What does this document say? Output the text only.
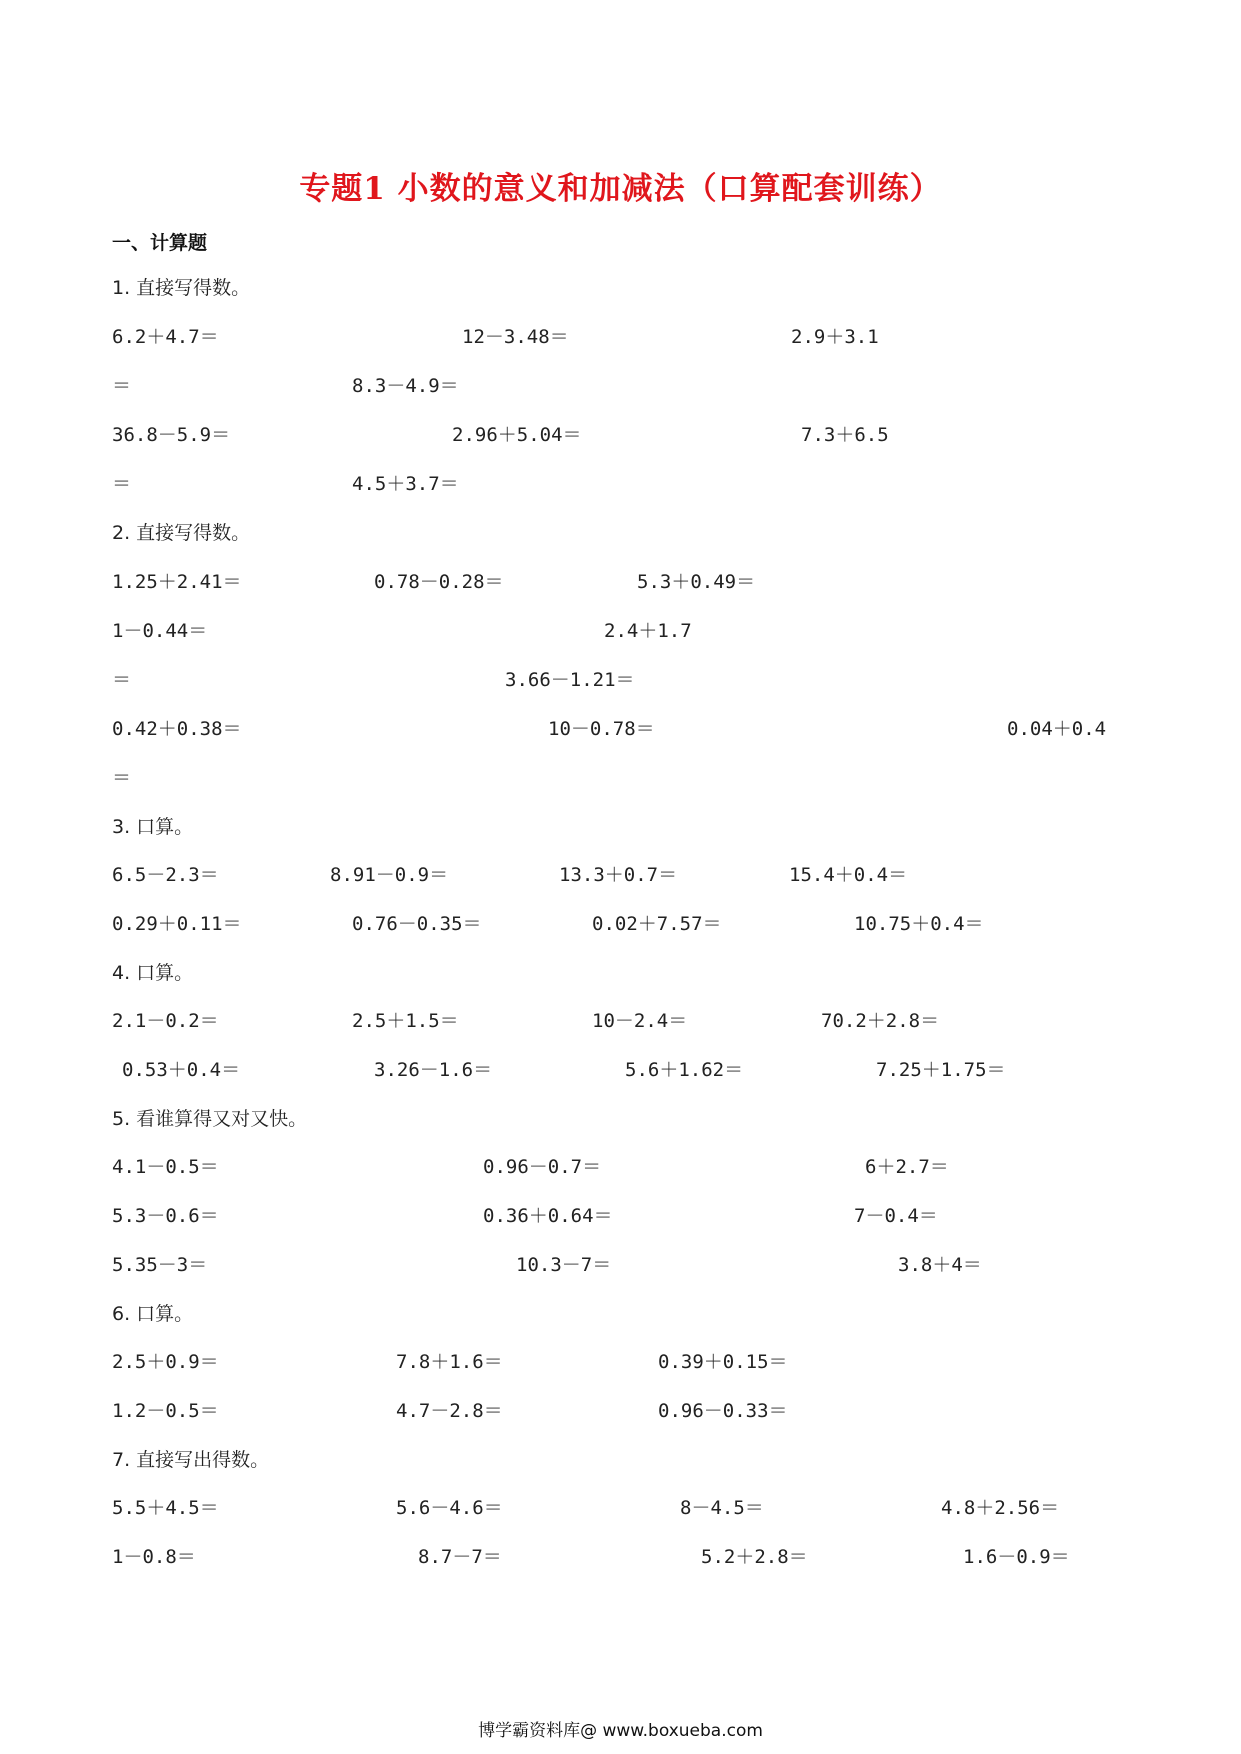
专题1 小数的意义和加减法（口算配套训练）
一、计算题
1. 直接写得数。
6.2＋4.7＝	12－3.48＝	2.9＋3.1
＝	8.3－4.9＝
36.8－5.9＝	2.96＋5.04＝	7.3＋6.5
＝	4.5＋3.7＝
2. 直接写得数。
1.25＋2.41＝	0.78－0.28＝	5.3＋0.49＝
1－0.44＝	2.4＋1.7
＝	3.66－1.21＝
0.42＋0.38＝	10－0.78＝	0.04＋0.4
＝
3. 口算。
6.5－2.3＝	8.91－0.9＝	13.3＋0.7＝	15.4＋0.4＝
0.29＋0.11＝	0.76－0.35＝	0.02＋7.57＝	10.75＋0.4＝
4. 口算。
2.1－0.2＝	2.5＋1.5＝	10－2.4＝	70.2＋2.8＝
0.53＋0.4＝	3.26－1.6＝	5.6＋1.62＝	7.25＋1.75＝
5. 看谁算得又对又快。
4.1－0.5＝	0.96－0.7＝	6＋2.7＝
5.3－0.6＝	0.36＋0.64＝	7－0.4＝
5.35－3＝	10.3－7＝	3.8＋4＝
6. 口算。
2.5＋0.9＝	7.8＋1.6＝	0.39＋0.15＝
1.2－0.5＝	4.7－2.8＝	0.96－0.33＝
7. 直接写出得数。
5.5＋4.5＝	5.6－4.6＝	8－4.5＝	4.8＋2.56＝
1－0.8＝	8.7－7＝	5.2＋2.8＝	1.6－0.9＝
博学霸资料库@ www.boxueba.com
